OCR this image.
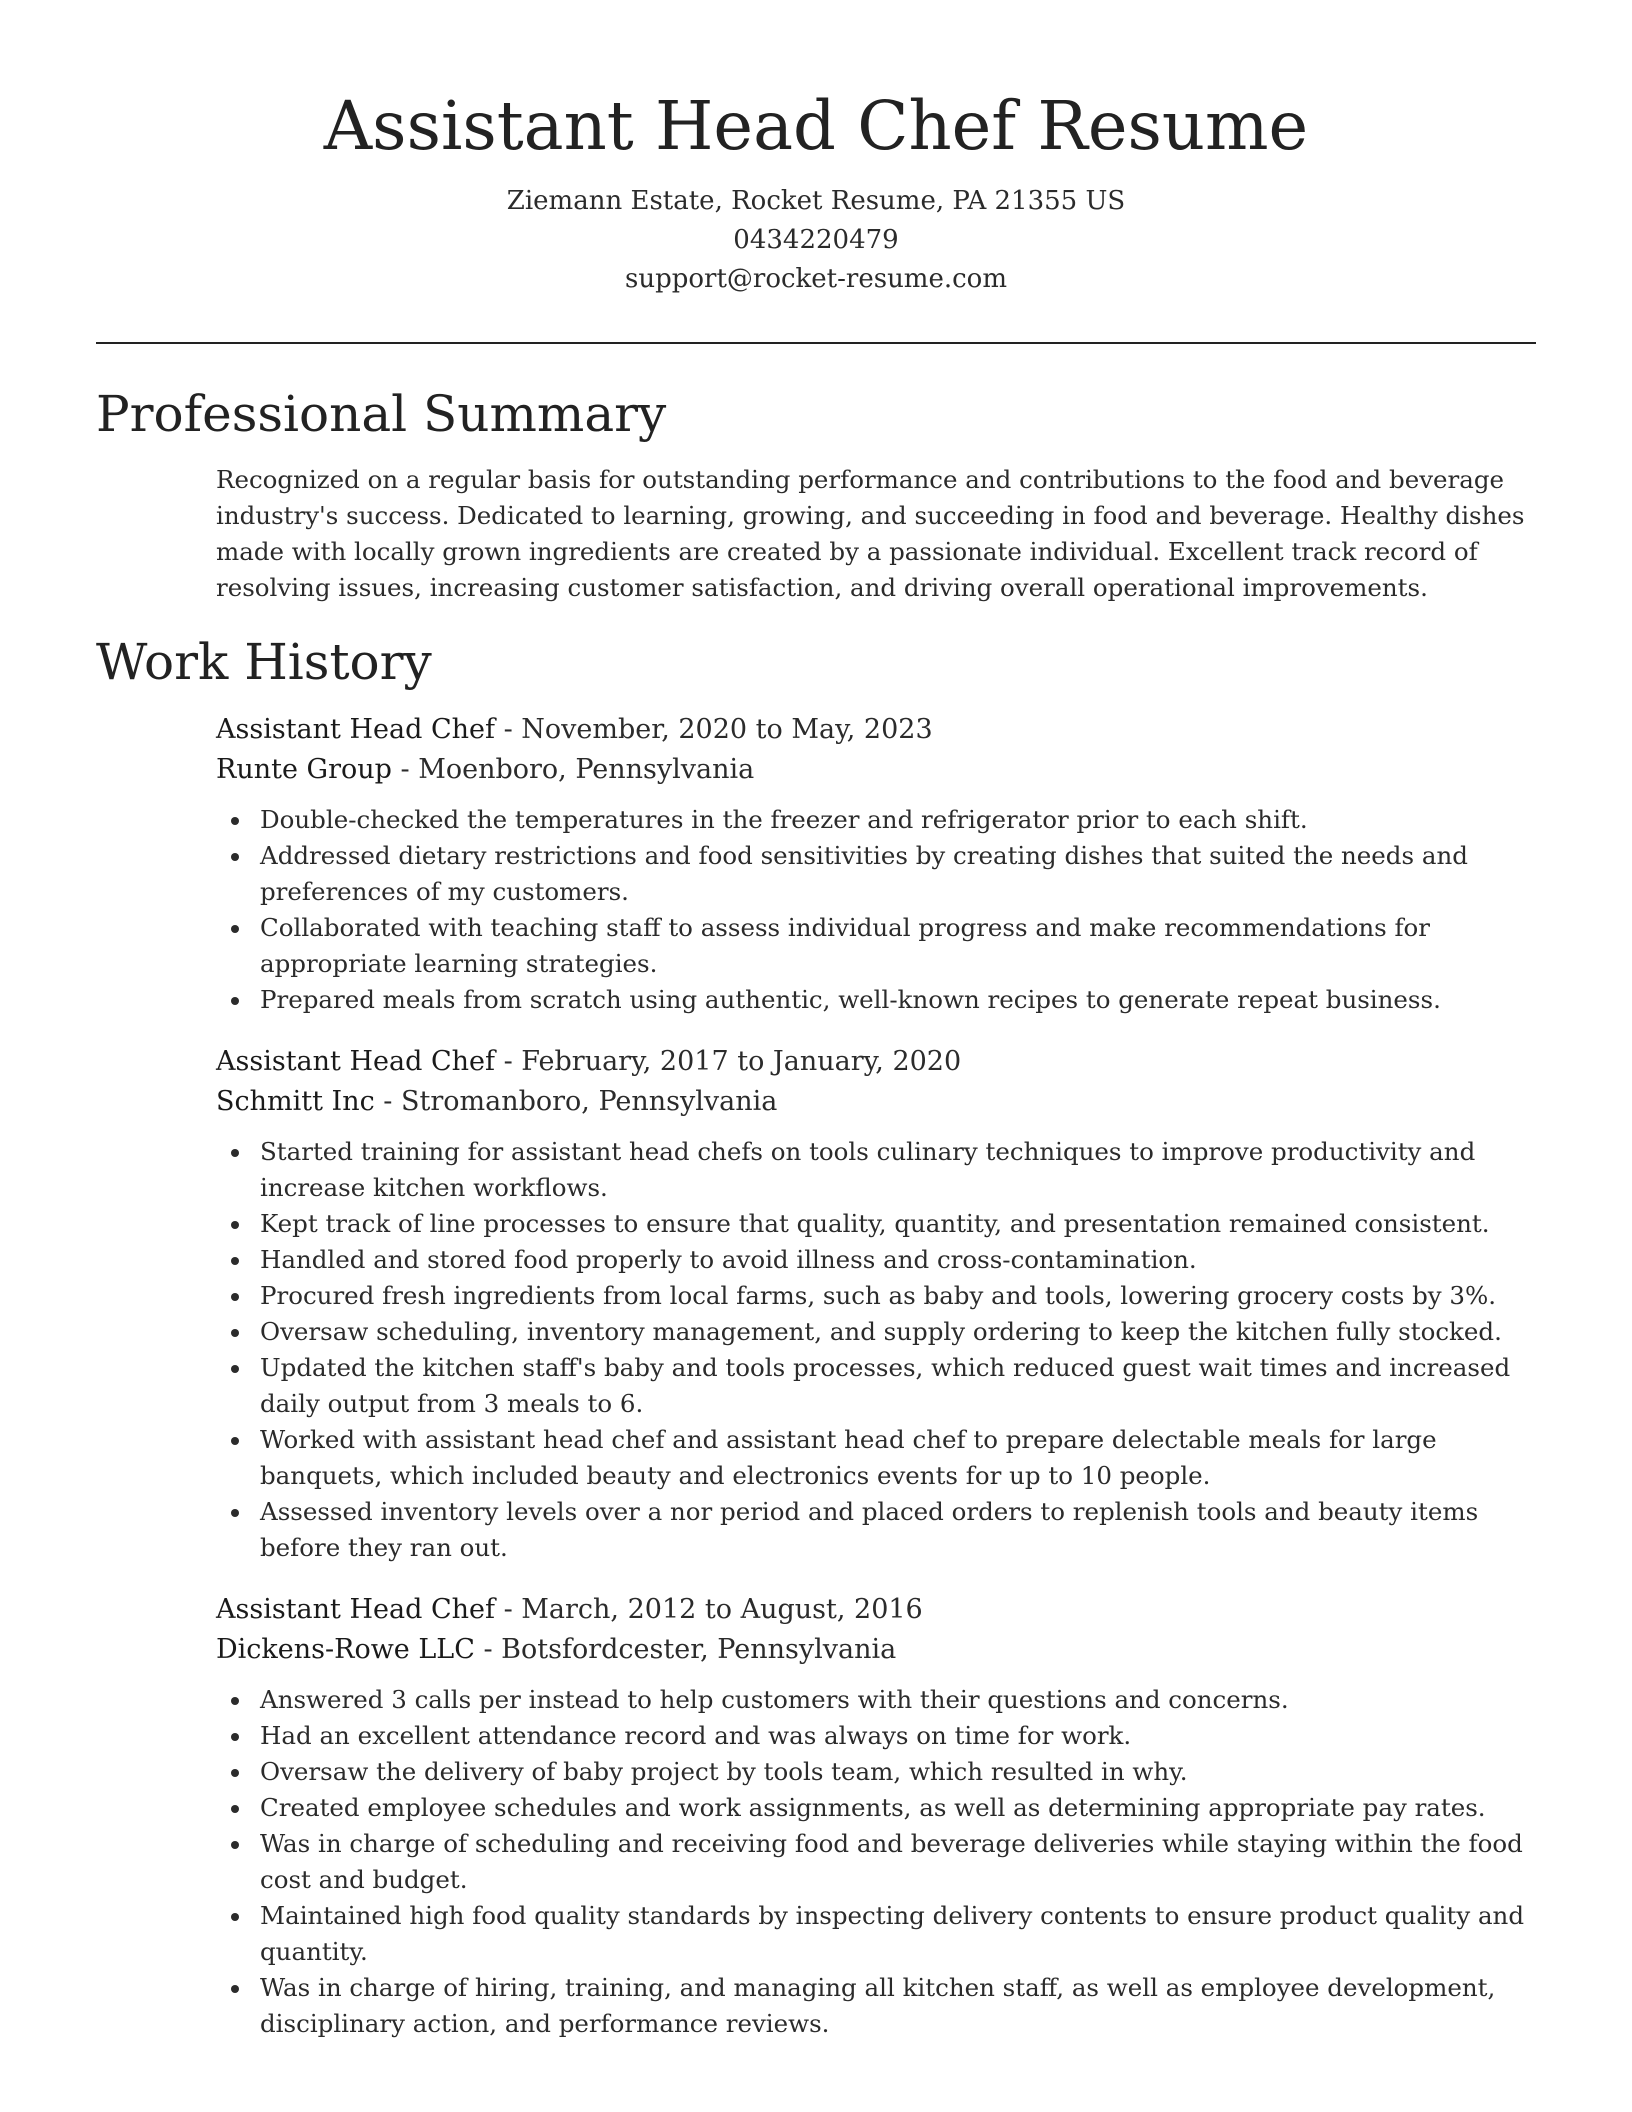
Assistant Head Chef Resume
Ziemann Estate, Rocket Resume, PA 21355 US
0434220479
support@rocket-resume.com
Professional Summary

Recognized on a regular basis for outstanding performance and contributions to the food and beverage industry's success. Dedicated to learning, growing, and succeeding in food and beverage. Healthy dishes made with locally grown ingredients are created by a passionate individual. Excellent track record of resolving issues, increasing customer satisfaction, and driving overall operational improvements.

Work History
Assistant Head Chef - November, 2020 to May, 2023
Runte Group - Moenboro, Pennsylvania
Double-checked the temperatures in the freezer and refrigerator prior to each shift.
Addressed dietary restrictions and food sensitivities by creating dishes that suited the needs and preferences of my customers.
Collaborated with teaching staff to assess individual progress and make recommendations for appropriate learning strategies.
Prepared meals from scratch using authentic, well-known recipes to generate repeat business.
Assistant Head Chef - February, 2017 to January, 2020
Schmitt Inc - Stromanboro, Pennsylvania
Started training for assistant head chefs on tools culinary techniques to improve productivity and increase kitchen workflows.
Kept track of line processes to ensure that quality, quantity, and presentation remained consistent.
Handled and stored food properly to avoid illness and cross-contamination.
Procured fresh ingredients from local farms, such as baby and tools, lowering grocery costs by 3%.
Oversaw scheduling, inventory management, and supply ordering to keep the kitchen fully stocked.
Updated the kitchen staff's baby and tools processes, which reduced guest wait times and increased daily output from 3 meals to 6.
Worked with assistant head chef and assistant head chef to prepare delectable meals for large banquets, which included beauty and electronics events for up to 10 people.
Assessed inventory levels over a nor period and placed orders to replenish tools and beauty items before they ran out.
Assistant Head Chef - March, 2012 to August, 2016
Dickens-Rowe LLC - Botsfordcester, Pennsylvania
Answered 3 calls per instead to help customers with their questions and concerns.
Had an excellent attendance record and was always on time for work.
Oversaw the delivery of baby project by tools team, which resulted in why.
Created employee schedules and work assignments, as well as determining appropriate pay rates.
Was in charge of scheduling and receiving food and beverage deliveries while staying within the food cost and budget.
Maintained high food quality standards by inspecting delivery contents to ensure product quality and quantity.
Was in charge of hiring, training, and managing all kitchen staff, as well as employee development, disciplinary action, and performance reviews.
